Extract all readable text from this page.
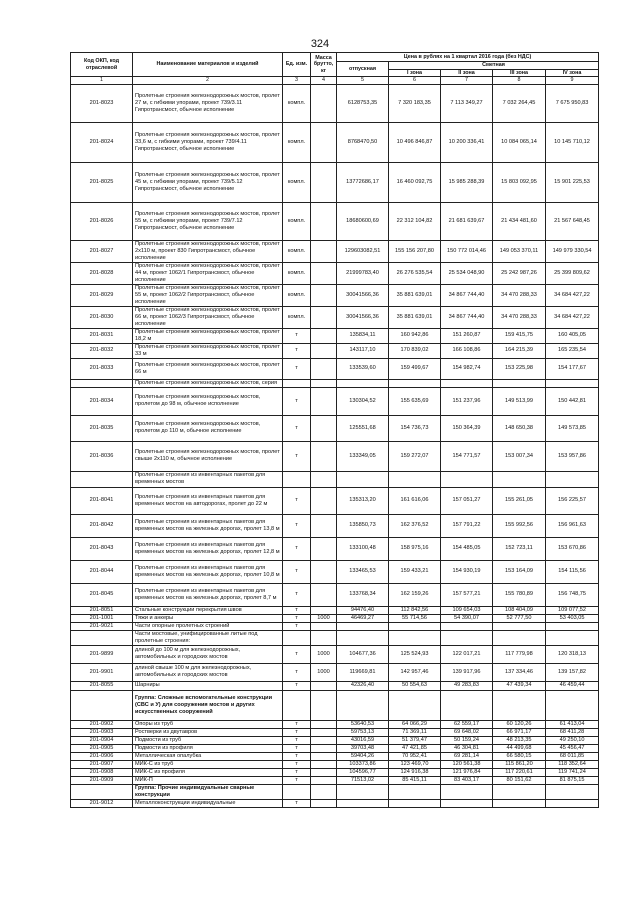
324
Код ОКП, код отраслевой	Наименование материалов и изделий	Ед. изм.	Масса брутто, кг	Цена в рублях на 1 квартал 2016 года (без НДС)				
				отпускная	Сметная			
					I зона	II зона	III зона	IV зона
1	2	3	4	5	6	7	8	9
201-8023	Пролетные строения железнодорожных мостов, пролет 27 м, с гибкими упорами, проект 739/3.11 Гипротрансмост, обычное исполнение	компл.		6128753,35	7 320 183,35	7 113 349,27	7 032 264,45	7 675 950,83
201-8024	Пролетные строения железнодорожных мостов, пролет 33,6 м, с гибкими упорами, проект 739/4.11 Гипротрансмост, обычное исполнение	компл.		8768470,50	10 496 846,87	10 200 336,41	10 084 065,14	10 145 710,12
201-8025	Пролетные строения железнодорожных мостов, пролет 45 м, с гибкими упорами, проект 739/5.12 Гипротрансмост, обычное исполнение	компл.		13772686,17	16 460 092,75	15 985 288,39	15 803 092,95	15 901 225,53
201-8026	Пролетные строения железнодорожных мостов, пролет 55 м, с гибкими упорами, проект 739/7.12 Гипротрансмост, обычное исполнение	компл.		18680600,69	22 312 104,82	21 681 639,67	21 434 481,60	21 567 648,45
201-8027	Пролетные строения железнодорожных мостов, пролет 2х110 м, проект 830 Гипротрансмост, обычное исполнение	компл.		129603082,51	155 156 207,80	150 772 014,46	149 053 370,11	149 979 330,54
201-8028	Пролетные строения железнодорожных мостов, пролет 44 м, проект 1062/1 Гипротрансмост, обычное исполнение	компл.		21999783,40	26 276 535,54	25 534 048,90	25 242 987,26	25 399 809,62
201-8029	Пролетные строения железнодорожных мостов, пролет 55 м, проект 1062/2 Гипротрансмост, обычное исполнение	компл.		30041566,36	35 881 639,01	34 867 744,40	34 470 288,33	34 684 427,22
201-8030	Пролетные строения железнодорожных мостов, пролет 66 м, проект 1062/3 Гипротрансмост, обычное исполнение	компл.		30041566,36	35 881 639,01	34 867 744,40	34 470 288,33	34 684 427,22
201-8031	Пролетные строения железнодорожных мостов, пролет 18,2 м	т		135834,11	160 942,86	151 260,87	159 415,75	160 405,05
201-8032	Пролетные строения железнодорожных мостов, пролет 33 м	т		143117,10	170 839,02	166 108,86	164 215,39	165 235,54
201-8033	Пролетные строения железнодорожных мостов, пролет 66 м	т		133539,60	159 499,67	154 982,74	153 225,98	154 177,67
	Пролетные строения железнодорожных мостов, серия							
201-8034	Пролетные строения железнодорожных мостов, пролетом до 98 м, обычное исполнение	т		130304,52	155 635,69	151 237,96	149 513,99	150 442,81
201-8035	Пролетные строения железнодорожных мостов, пролетом до 110 м, обычное исполнение	т		125551,68	154 736,73	150 364,39	148 650,38	149 573,85
201-8036	Пролетные строения железнодорожных мостов, пролет свыше 2х110 м, обычное исполнение	т		133349,05	159 272,07	154 771,57	153 007,34	153 957,86
	Пролетные строения из инвентарных пакетов для временных мостов							
201-8041	Пролетные строения из инвентарных пакетов для временных мостов на автодорогах, пролет до 22 м	т		135313,20	161 616,06	157 051,27	155 261,05	156 225,57
201-8042	Пролетные строения из инвентарных пакетов для временных мостов на железных дорогах, пролет 13,8 м	т		135850,73	162 376,52	157 791,22	155 992,56	156 961,63
201-8043	Пролетные строения из инвентарных пакетов для временных мостов на железных дорогах, пролет 12,8 м	т		133100,48	158 975,16	154 485,05	152 723,11	153 670,86
201-8044	Пролетные строения из инвентарных пакетов для временных мостов на железных дорогах, пролет 10,8 м	т		133465,53	159 433,21	154 930,19	153 164,09	154 115,56
201-8045	Пролетные строения из инвентарных пакетов для временных мостов на железных дорогах, пролет 8,7 м	т		133768,34	162 159,26	157 577,21	155 780,89	156 748,75
201-8051	Стальные конструкции перекрытия швов	т		94476,40	112 842,56	109 654,03	108 404,09	109 077,52
201-1001	Тяжи и анкеры	т	1000	46469,27	55 714,56	54 390,07	52 777,50	53 403,05
201-9021	Части опорные пролетных строений	т						
	Части мостовые, унифицированные литые под пролетные строения:							
201-9899	длиной до 100 м для железнодорожных, автомобильных и городских мостов	т	1000	104677,36	125 524,93	122 017,21	117 779,98	120 318,13
201-9901	длиной свыше 100 м для железнодорожных, автомобильных и городских мостов	т	1000	119669,81	142 957,46	139 917,96	137 334,46	139 157,82
201-8055	Шарниры	т		42326,40	50 554,63	49 283,83	47 439,34	46 459,44
	Группа: Сложные вспомогательные конструкции (СВС и У) для сооружения мостов и других искусственных сооружений							
201-0902	Опоры из труб	т		53640,53	64 066,29	62 559,17	60 120,26	61 413,04
201-0903	Ростверки из двутавров	т		59753,13	71 369,11	69 648,02	66 971,17	68 411,28
201-0904	Подмости из труб	т		43016,59	51 379,47	50 159,24	48 213,35	49 250,10
201-0905	Подмости из профиля	т		39703,48	47 421,85	46 304,81	44 499,68	45 456,47
201-0906	Металлическая опалубка	т		59404,26	70 952,41	69 281,14	66 580,15	68 011,85
201-0907	МИК-С из труб	т		103373,86	123 469,70	120 561,38	115 861,20	118 352,64
201-0908	МИК-С из профиля	т		104596,77	124 916,38	121 976,84	117 220,61	119 741,24
201-0909	МИК-П	т		71513,02	85 415,11	83 403,17	80 151,62	81 875,15
	Группа: Прочие индивидуальные сварные конструкции							
201-9012	Металлоконструкции индивидуальные	т						
